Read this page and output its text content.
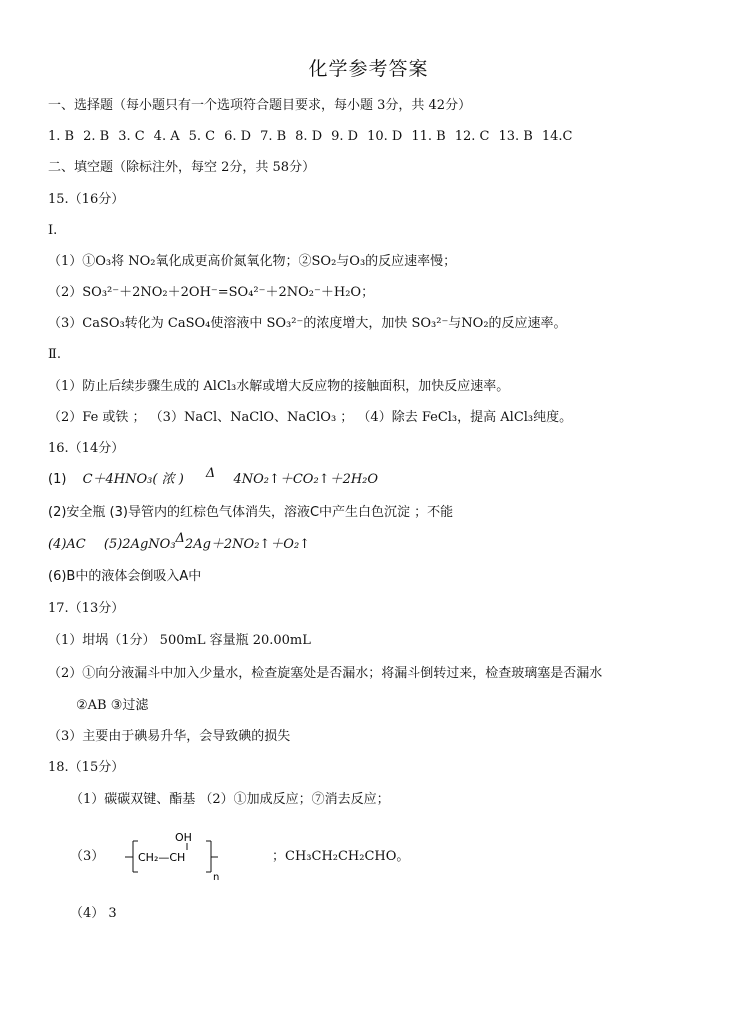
化学参考答案
一、选择题（每小题只有一个选项符合题目要求，每小题 3分，共 42分）
1. B 2. B 3. C 4. A 5. C 6. D 7. B 8. D 9. D 10. D 11. B 12. C 13. B 14.C
二、填空题（除标注外，每空 2分，共 58分）
15.（16分）
Ⅰ.
（1）①O₃将 NO₂氧化成更高价氮氧化物；②SO₂与O₃的反应速率慢；
（2）SO₃²⁻＋2NO₂＋2OH⁻=SO₄²⁻＋2NO₂⁻＋H₂O；
（3）CaSO₃转化为 CaSO₄使溶液中 SO₃²⁻的浓度增大，加快 SO₃²⁻与NO₂的反应速率。
Ⅱ.
（1）防止后续步骤生成的 AlCl₃水解或增大反应物的接触面积，加快反应速率。
（2）Fe 或铁 ； （3）NaCl、NaClO、NaClO₃ ； （4）除去 FeCl₃，提高 AlCl₃纯度。
16.（14分）
(1) C＋4HNO₃( 浓 ) Δ 4NO₂↑＋CO₂↑＋2H₂O
(2)安全瓶 (3)导管内的红棕色气体消失，溶液C中产生白色沉淀 ；不能
(4)AC (5)2AgNO₃Δ2Ag＋2NO₂↑＋O₂↑
(6)B中的液体会倒吸入A中
17.（13分）
（1）坩埚（1分） 500mL 容量瓶 20.00mL
（2）①向分液漏斗中加入少量水，检查旋塞处是否漏水；将漏斗倒转过来，检查玻璃塞是否漏水
②AB ③过滤
（3）主要由于碘易升华，会导致碘的损失
18.（15分）
（1）碳碳双键、酯基 （2）①加成反应；⑦消去反应；
（3）
OH
CH₂—CH
n
；CH₃CH₂CH₂CHO。
（4） 3
